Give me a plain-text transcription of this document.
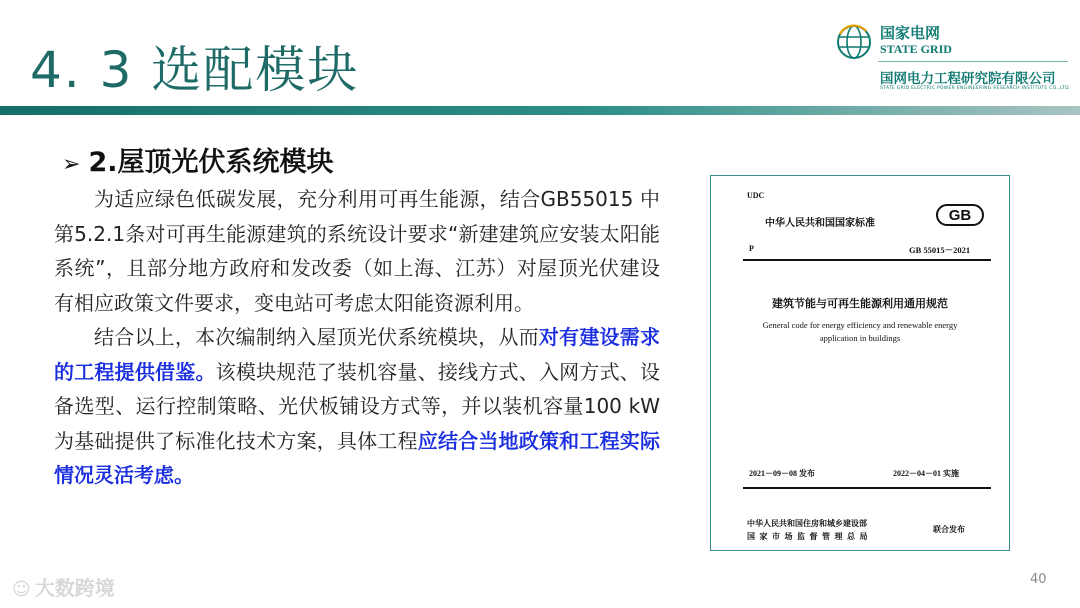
4. 3 选配模块
国家电网
STATE GRID
国网电力工程研究院有限公司
STATE GRID ELECTRIC POWER ENGINEERING RESEARCH INSTITUTE CO.,LTD.
➢ 2.屋顶光伏系统模块

为适应绿色低碳发展，充分利用可再生能源，结合GB55015 中第5.2.1条对可再生能源建筑的系统设计要求“新建建筑应安装太阳能系统”，且部分地方政府和发改委（如上海、江苏）对屋顶光伏建设有相应政策文件要求，变电站可考虑太阳能资源利用。

结合以上，本次编制纳入屋顶光伏系统模块，从而对有建设需求的工程提供借鉴。该模块规范了装机容量、接线方式、入网方式、设备选型、运行控制策略、光伏板铺设方式等，并以装机容量100 kW为基础提供了标准化技术方案，具体工程应结合当地政策和工程实际情况灵活考虑。

UDC
中华人民共和国国家标准	GB
P	GB 55015－2021
建筑节能与可再生能源利用通用规范
General code for energy efficiency and renewable energy
application in buildings
2021－09－08 发布	2022－04－01 实施
中华人民共和国住房和城乡建设部
国家市场监督管理总局
联合发布
☺ 大数跨境	40
